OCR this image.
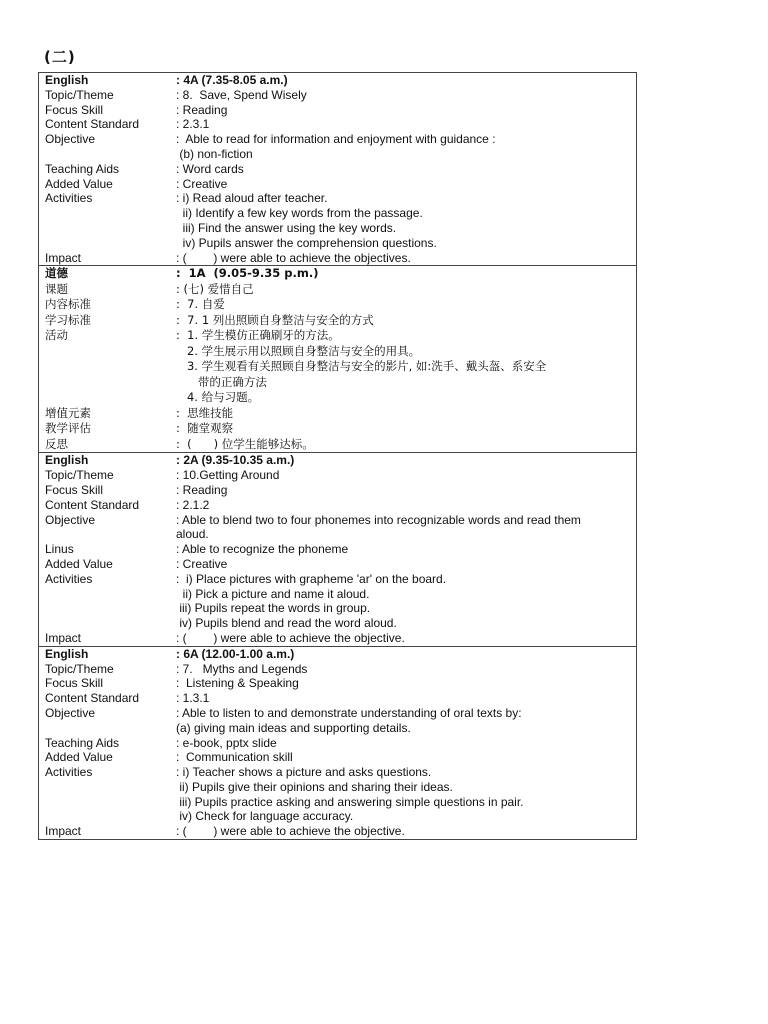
(二)
English	: 4A (7.35-8.05 a.m.)
Topic/Theme	: 8.  Save, Spend Wisely
Focus Skill	: Reading
Content Standard	: 2.3.1
Objective	:  Able to read for information and enjoyment with guidance :
(b) non-fiction
Teaching Aids	: Word cards
Added Value	: Creative
Activities	: i) Read aloud after teacher.
ii) Identify a few key words from the passage.
iii) Find the answer using the key words.
iv) Pupils answer the comprehension questions.
Impact	: (        ) were able to achieve the objectives.
道德	:  1A  (9.05-9.35 p.m.)
课题	: (七) 爱惜自己
内容标准	:  7. 自爱
学习标准	:  7. 1 列出照顾自身整洁与安全的方式
活动	:  1. 学生模仿正确刷牙的方法。
2. 学生展示用以照顾自身整洁与安全的用具。
3. 学生观看有关照顾自身整洁与安全的影片, 如:洗手、戴头盔、系安全
带的正确方法
4. 给与习题。
增值元素	:  思维技能
教学评估	:  随堂观察
反思	:  (      ) 位学生能够达标。
English	: 2A (9.35-10.35 a.m.)
Topic/Theme	: 10.Getting Around
Focus Skill	: Reading
Content Standard	: 2.1.2
Objective	: Able to blend two to four phonemes into recognizable words and read them
aloud.
Linus	: Able to recognize the phoneme
Added Value	: Creative
Activities	:  i) Place pictures with grapheme 'ar' on the board.
ii) Pick a picture and name it aloud.
iii) Pupils repeat the words in group.
iv) Pupils blend and read the word aloud.
Impact	: (        ) were able to achieve the objective.
English	: 6A (12.00-1.00 a.m.)
Topic/Theme	: 7.   Myths and Legends
Focus Skill	:  Listening & Speaking
Content Standard	: 1.3.1
Objective	: Able to listen to and demonstrate understanding of oral texts by:
(a) giving main ideas and supporting details.
Teaching Aids	: e-book, pptx slide
Added Value	:  Communication skill
Activities	: i) Teacher shows a picture and asks questions.
ii) Pupils give their opinions and sharing their ideas.
iii) Pupils practice asking and answering simple questions in pair.
iv) Check for language accuracy.
Impact	: (        ) were able to achieve the objective.
